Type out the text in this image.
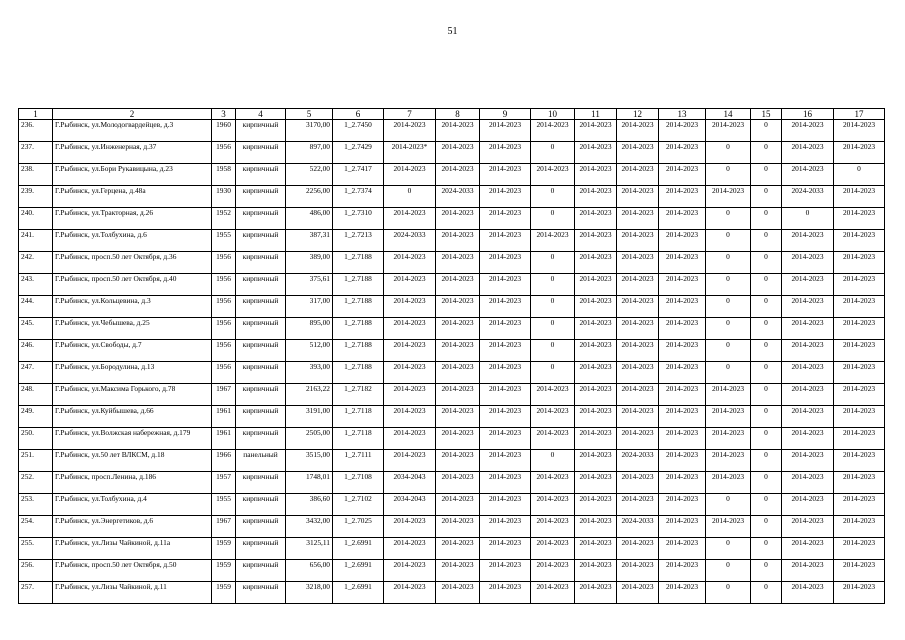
51
1	2	3	4	5	6	7	8	9	10	11	12	13	14	15	16	17
236.	Г.Рыбинск, ул.Молодогвардейцев, д.3	1960	кирпичный	3170,00	1_2.7450	2014-2023	2014-2023	2014-2023	2014-2023	2014-2023	2014-2023	2014-2023	2014-2023	0	2014-2023	2014-2023
237.	Г.Рыбинск, ул.Инженерная, д.37	1956	кирпичный	897,00	1_2.7429	2014-2023*	2014-2023	2014-2023	0	2014-2023	2014-2023	2014-2023	0	0	2014-2023	2014-2023
238.	Г.Рыбинск, ул.Бори Рукавицына, д.23	1958	кирпичный	522,00	1_2.7417	2014-2023	2014-2023	2014-2023	2014-2023	2014-2023	2014-2023	2014-2023	0	0	2014-2023	0
239.	Г.Рыбинск, ул.Герцена, д.48а	1930	кирпичный	2256,00	1_2.7374	0	2024-2033	2014-2023	0	2014-2023	2014-2023	2014-2023	2014-2023	0	2024-2033	2014-2023
240.	Г.Рыбинск, ул.Тракторная, д.26	1952	кирпичный	486,00	1_2.7310	2014-2023	2014-2023	2014-2023	0	2014-2023	2014-2023	2014-2023	0	0	0	2014-2023
241.	Г.Рыбинск, ул.Толбухина, д.6	1955	кирпичный	387,31	1_2.7213	2024-2033	2014-2023	2014-2023	2014-2023	2014-2023	2014-2023	2014-2023	0	0	2014-2023	2014-2023
242.	Г.Рыбинск, просп.50 лет Октября, д.36	1956	кирпичный	389,00	1_2.7188	2014-2023	2014-2023	2014-2023	0	2014-2023	2014-2023	2014-2023	0	0	2014-2023	2014-2023
243.	Г.Рыбинск, просп.50 лет Октября, д.40	1956	кирпичный	375,61	1_2.7188	2014-2023	2014-2023	2014-2023	0	2014-2023	2014-2023	2014-2023	0	0	2014-2023	2014-2023
244.	Г.Рыбинск, ул.Кольцевина, д.3	1956	кирпичный	317,00	1_2.7188	2014-2023	2014-2023	2014-2023	0	2014-2023	2014-2023	2014-2023	0	0	2014-2023	2014-2023
245.	Г.Рыбинск, ул.Чебышева, д.25	1956	кирпичный	895,00	1_2.7188	2014-2023	2014-2023	2014-2023	0	2014-2023	2014-2023	2014-2023	0	0	2014-2023	2014-2023
246.	Г.Рыбинск, ул.Свободы, д.7	1956	кирпичный	512,00	1_2.7188	2014-2023	2014-2023	2014-2023	0	2014-2023	2014-2023	2014-2023	0	0	2014-2023	2014-2023
247.	Г.Рыбинск, ул.Бородулина, д.13	1956	кирпичный	393,00	1_2.7188	2014-2023	2014-2023	2014-2023	0	2014-2023	2014-2023	2014-2023	0	0	2014-2023	2014-2023
248.	Г.Рыбинск, ул.Максима Горького, д.78	1967	кирпичный	2163,22	1_2.7182	2014-2023	2014-2023	2014-2023	2014-2023	2014-2023	2014-2023	2014-2023	2014-2023	0	2014-2023	2014-2023
249.	Г.Рыбинск, ул.Куйбышева, д.66	1961	кирпичный	3191,00	1_2.7118	2014-2023	2014-2023	2014-2023	2014-2023	2014-2023	2014-2023	2014-2023	2014-2023	0	2014-2023	2014-2023
250.	Г.Рыбинск, ул.Волжская набережная, д.179	1961	кирпичный	2505,00	1_2.7118	2014-2023	2014-2023	2014-2023	2014-2023	2014-2023	2014-2023	2014-2023	2014-2023	0	2014-2023	2014-2023
251.	Г.Рыбинск, ул.50 лет ВЛКСМ, д.18	1966	панельный	3515,00	1_2.7111	2014-2023	2014-2023	2014-2023	0	2014-2023	2024-2033	2014-2023	2014-2023	0	2014-2023	2014-2023
252.	Г.Рыбинск, просп.Ленина, д.186	1957	кирпичный	1748,01	1_2.7108	2034-2043	2014-2023	2014-2023	2014-2023	2014-2023	2014-2023	2014-2023	2014-2023	0	2014-2023	2014-2023
253.	Г.Рыбинск, ул.Толбухина, д.4	1955	кирпичный	386,60	1_2.7102	2034-2043	2014-2023	2014-2023	2014-2023	2014-2023	2014-2023	2014-2023	0	0	2014-2023	2014-2023
254.	Г.Рыбинск, ул.Энергетиков, д.6	1967	кирпичный	3432,00	1_2.7025	2014-2023	2014-2023	2014-2023	2014-2023	2014-2023	2024-2033	2014-2023	2014-2023	0	2014-2023	2014-2023
255.	Г.Рыбинск, ул.Лизы Чайкиной, д.11а	1959	кирпичный	3125,11	1_2.6991	2014-2023	2014-2023	2014-2023	2014-2023	2014-2023	2014-2023	2014-2023	0	0	2014-2023	2014-2023
256.	Г.Рыбинск, просп.50 лет Октября, д.50	1959	кирпичный	656,00	1_2.6991	2014-2023	2014-2023	2014-2023	2014-2023	2014-2023	2014-2023	2014-2023	0	0	2014-2023	2014-2023
257.	Г.Рыбинск, ул.Лизы Чайкиной, д.11	1959	кирпичный	3218,00	1_2.6991	2014-2023	2014-2023	2014-2023	2014-2023	2014-2023	2014-2023	2014-2023	0	0	2014-2023	2014-2023
